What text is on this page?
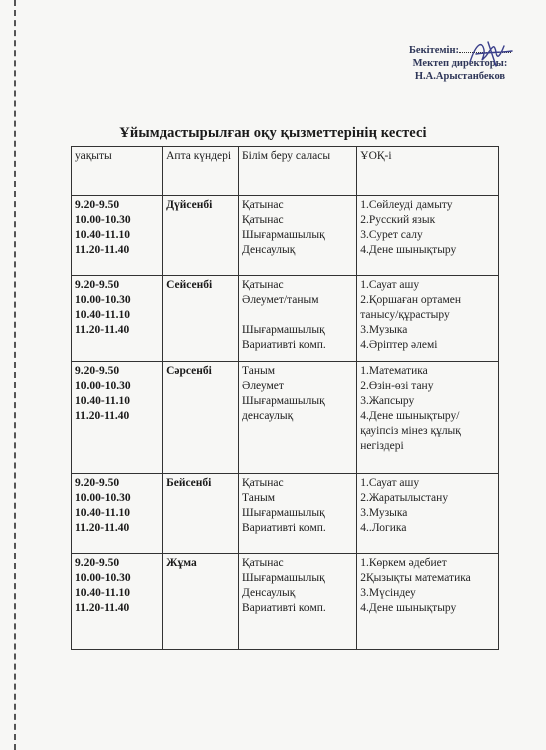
Бекітемін:
Мектеп директоры:
Н.А.Арыстанбеков
Ұйымдастырылған оқу қызметтерінің кестесі
уақыты	Апта күндері	Білім беру саласы	ҰОҚ-і

9.20-9.50
10.00-10.30
10.40-11.10
11.20-11.40	Дүйсенбі	Қатынас
Қатынас
Шығармашылық
Денсаулық	1.Сөйлеуді дамыту
2.Русский язык
3.Сурет салу
4.Дене шынықтыру

9.20-9.50
10.00-10.30
10.40-11.10
11.20-11.40	Сейсенбі	Қатынас
Әлеумет/таным
Шығармашылық
Вариативті комп.	1.Сауат ашу
2.Қоршаған ортамен танысу/құрастыру
3.Музыка
4.Әріптер әлемі

9.20-9.50
10.00-10.30
10.40-11.10
11.20-11.40	Сәрсенбі	Таным
Әлеумет
Шығармашылық
денсаулық	1.Математика
2.Өзін-өзі тану
3.Жапсыру
4.Дене шынықтыру/қауіпсіз мінез құлық негіздері

9.20-9.50
10.00-10.30
10.40-11.10
11.20-11.40	Бейсенбі	Қатынас
Таным
Шығармашылық
Вариативті комп.	1.Сауат ашу
2.Жаратылыстану
3.Музыка
4..Логика

9.20-9.50
10.00-10.30
10.40-11.10
11.20-11.40	Жұма	Қатынас
Шығармашылық
Денсаулық
Вариативті комп.	1.Көркем әдебиет
2Қызықты математика
3.Мүсіндеу
4.Дене шынықтыру
